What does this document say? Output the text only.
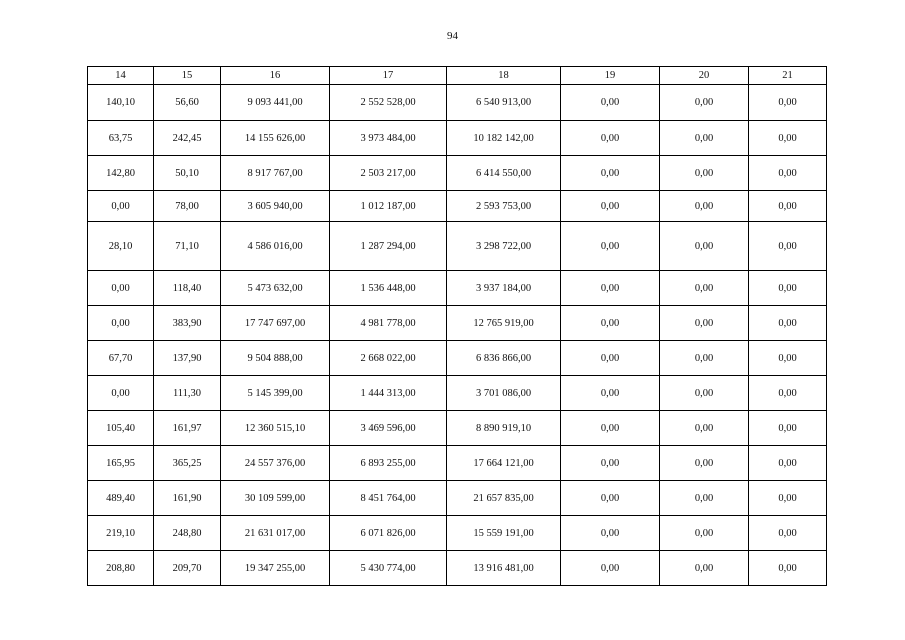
94
14	15	16	17	18	19	20	21
140,10	56,60	9 093 441,00	2 552 528,00	6 540 913,00	0,00	0,00	0,00
63,75	242,45	14 155 626,00	3 973 484,00	10 182 142,00	0,00	0,00	0,00
142,80	50,10	8 917 767,00	2 503 217,00	6 414 550,00	0,00	0,00	0,00
0,00	78,00	3 605 940,00	1 012 187,00	2 593 753,00	0,00	0,00	0,00
28,10	71,10	4 586 016,00	1 287 294,00	3 298 722,00	0,00	0,00	0,00
0,00	118,40	5 473 632,00	1 536 448,00	3 937 184,00	0,00	0,00	0,00
0,00	383,90	17 747 697,00	4 981 778,00	12 765 919,00	0,00	0,00	0,00
67,70	137,90	9 504 888,00	2 668 022,00	6 836 866,00	0,00	0,00	0,00
0,00	111,30	5 145 399,00	1 444 313,00	3 701 086,00	0,00	0,00	0,00
105,40	161,97	12 360 515,10	3 469 596,00	8 890 919,10	0,00	0,00	0,00
165,95	365,25	24 557 376,00	6 893 255,00	17 664 121,00	0,00	0,00	0,00
489,40	161,90	30 109 599,00	8 451 764,00	21 657 835,00	0,00	0,00	0,00
219,10	248,80	21 631 017,00	6 071 826,00	15 559 191,00	0,00	0,00	0,00
208,80	209,70	19 347 255,00	5 430 774,00	13 916 481,00	0,00	0,00	0,00
